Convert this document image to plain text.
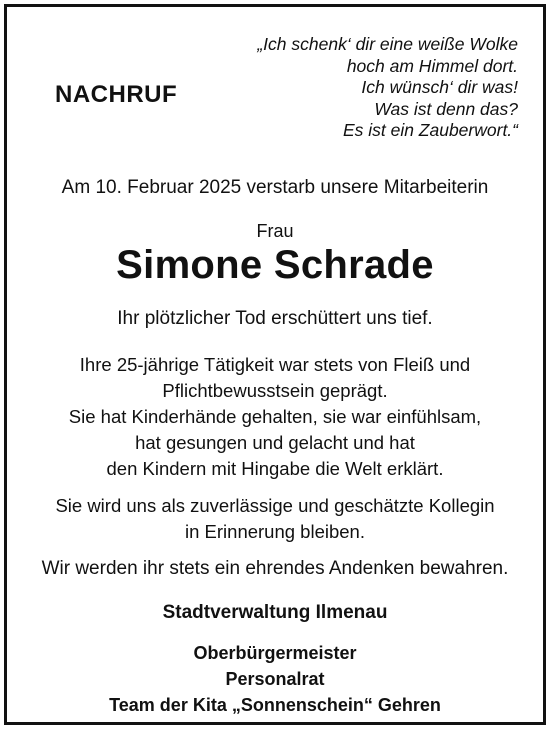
NACHRUF
„Ich schenk‘ dir eine weiße Wolke
hoch am Himmel dort.
Ich wünsch‘ dir was!
Was ist denn das?
Es ist ein Zauberwort.“
Am 10. Februar 2025 verstarb unsere Mitarbeiterin
Frau
Simone Schrade
Ihr plötzlicher Tod erschüttert uns tief.
Ihre 25-jährige Tätigkeit war stets von Fleiß und
Pflichtbewusstsein geprägt.
Sie hat Kinderhände gehalten, sie war einfühlsam,
hat gesungen und gelacht und hat
den Kindern mit Hingabe die Welt erklärt.
Sie wird uns als zuverlässige und geschätzte Kollegin
in Erinnerung bleiben.
Wir werden ihr stets ein ehrendes Andenken bewahren.
Stadtverwaltung Ilmenau
Oberbürgermeister
Personalrat
Team der Kita „Sonnenschein“ Gehren
